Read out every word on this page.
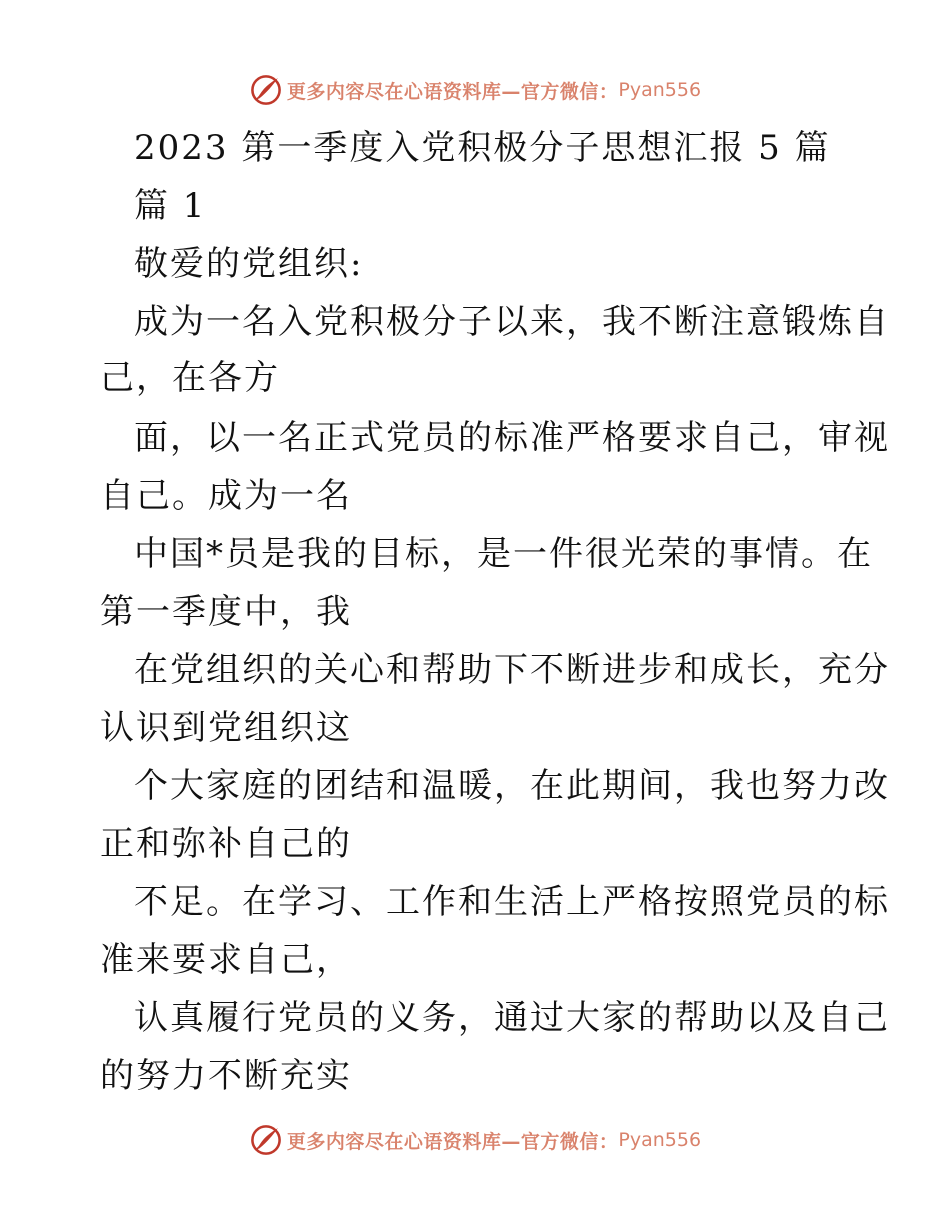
更多内容尽在心语资料库—官方微信： Pyan556
2023 第一季度入党积极分子思想汇报 5 篇
篇 1
敬爱的党组织:
成为一名入党积极分子以来，我不断注意锻炼自
己，在各方
面，以一名正式党员的标准严格要求自己，审视
自己。成为一名
中国*员是我的目标，是一件很光荣的事情。在
第一季度中，我
在党组织的关心和帮助下不断进步和成长，充分
认识到党组织这
个大家庭的团结和温暖，在此期间，我也努力改
正和弥补自己的
不足。在学习、工作和生活上严格按照党员的标
准来要求自己，
认真履行党员的义务，通过大家的帮助以及自己
的努力不断充实
更多内容尽在心语资料库—官方微信： Pyan556
